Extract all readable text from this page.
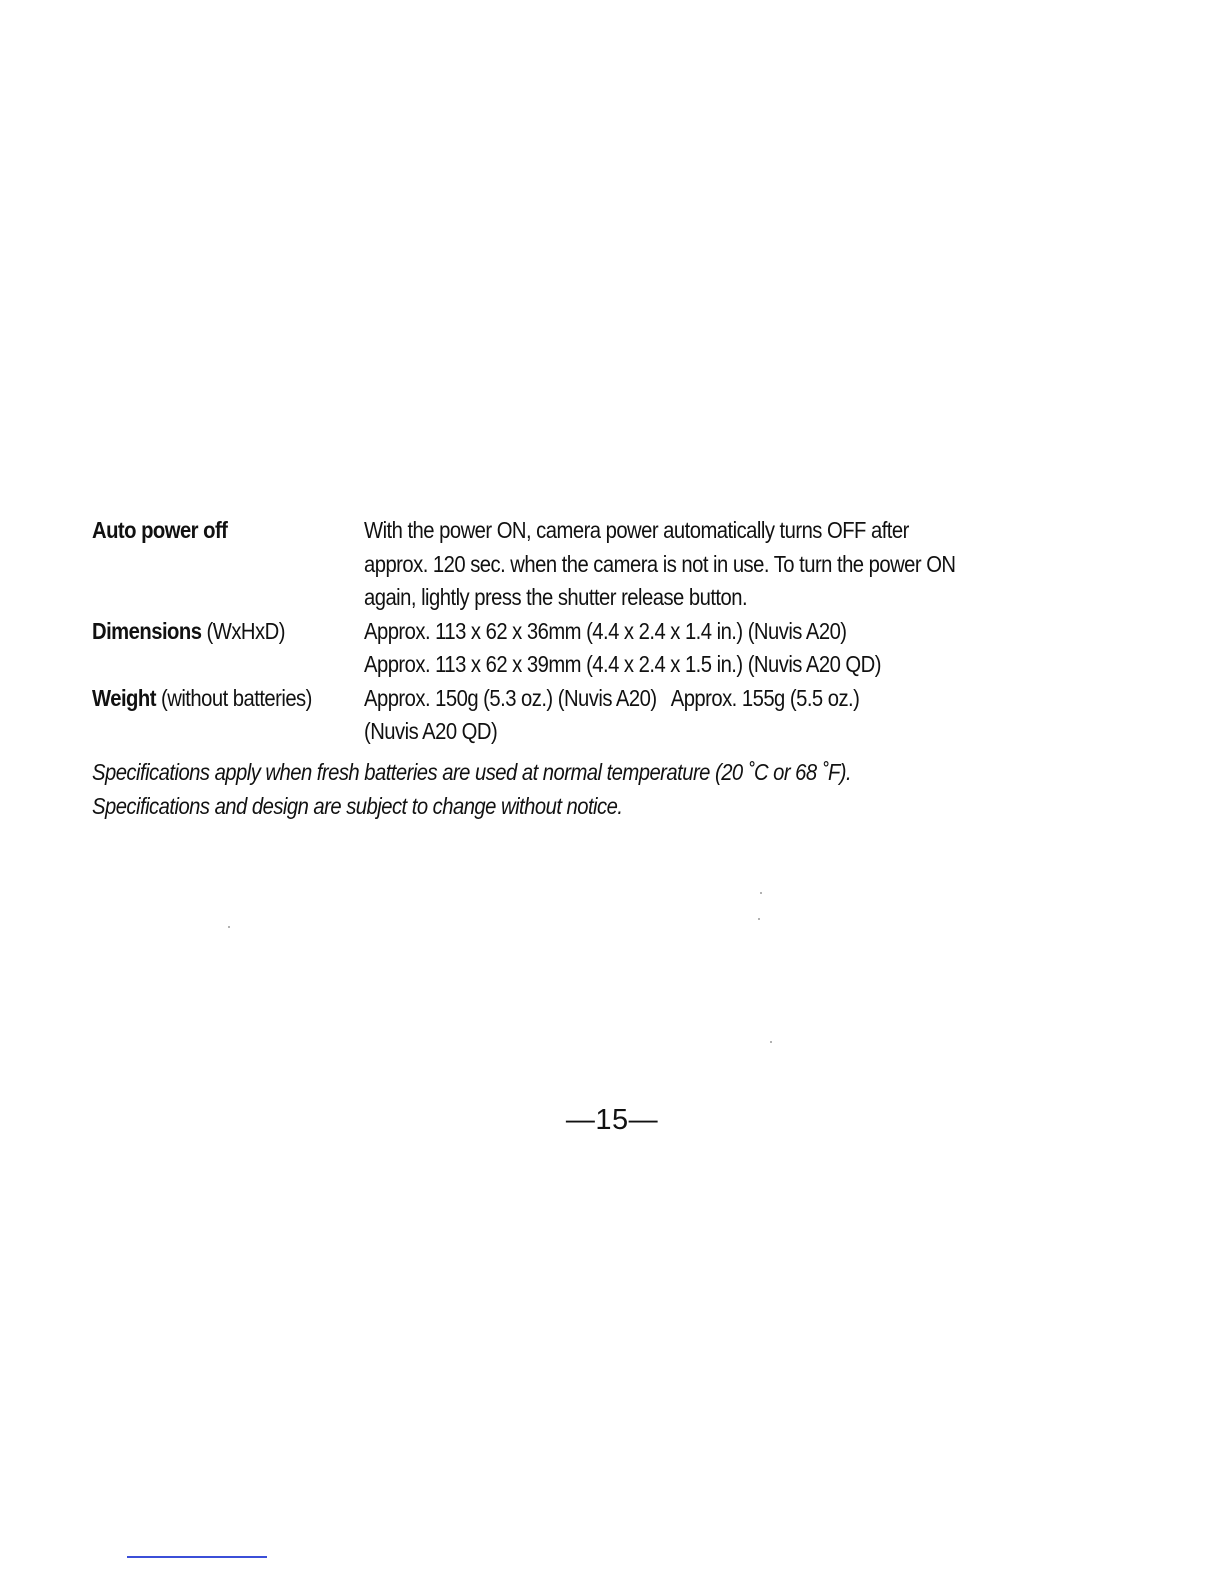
Auto power off	With the power ON, camera power automatically turns OFF after
approx. 120 sec. when the camera is not in use. To turn the power ON
again, lightly press the shutter release button.
Dimensions (WxHxD)	Approx. 113 x 62 x 36mm (4.4 x 2.4 x 1.4 in.) (Nuvis A20)
Approx. 113 x 62 x 39mm (4.4 x 2.4 x 1.5 in.) (Nuvis A20 QD)
Weight (without batteries)	Approx. 150g (5.3 oz.) (Nuvis A20)   Approx. 155g (5.5 oz.)
(Nuvis A20 QD)
Specifications apply when fresh batteries are used at normal temperature (20 ˚C or 68 ˚F).
Specifications and design are subject to change without notice.
—15—
